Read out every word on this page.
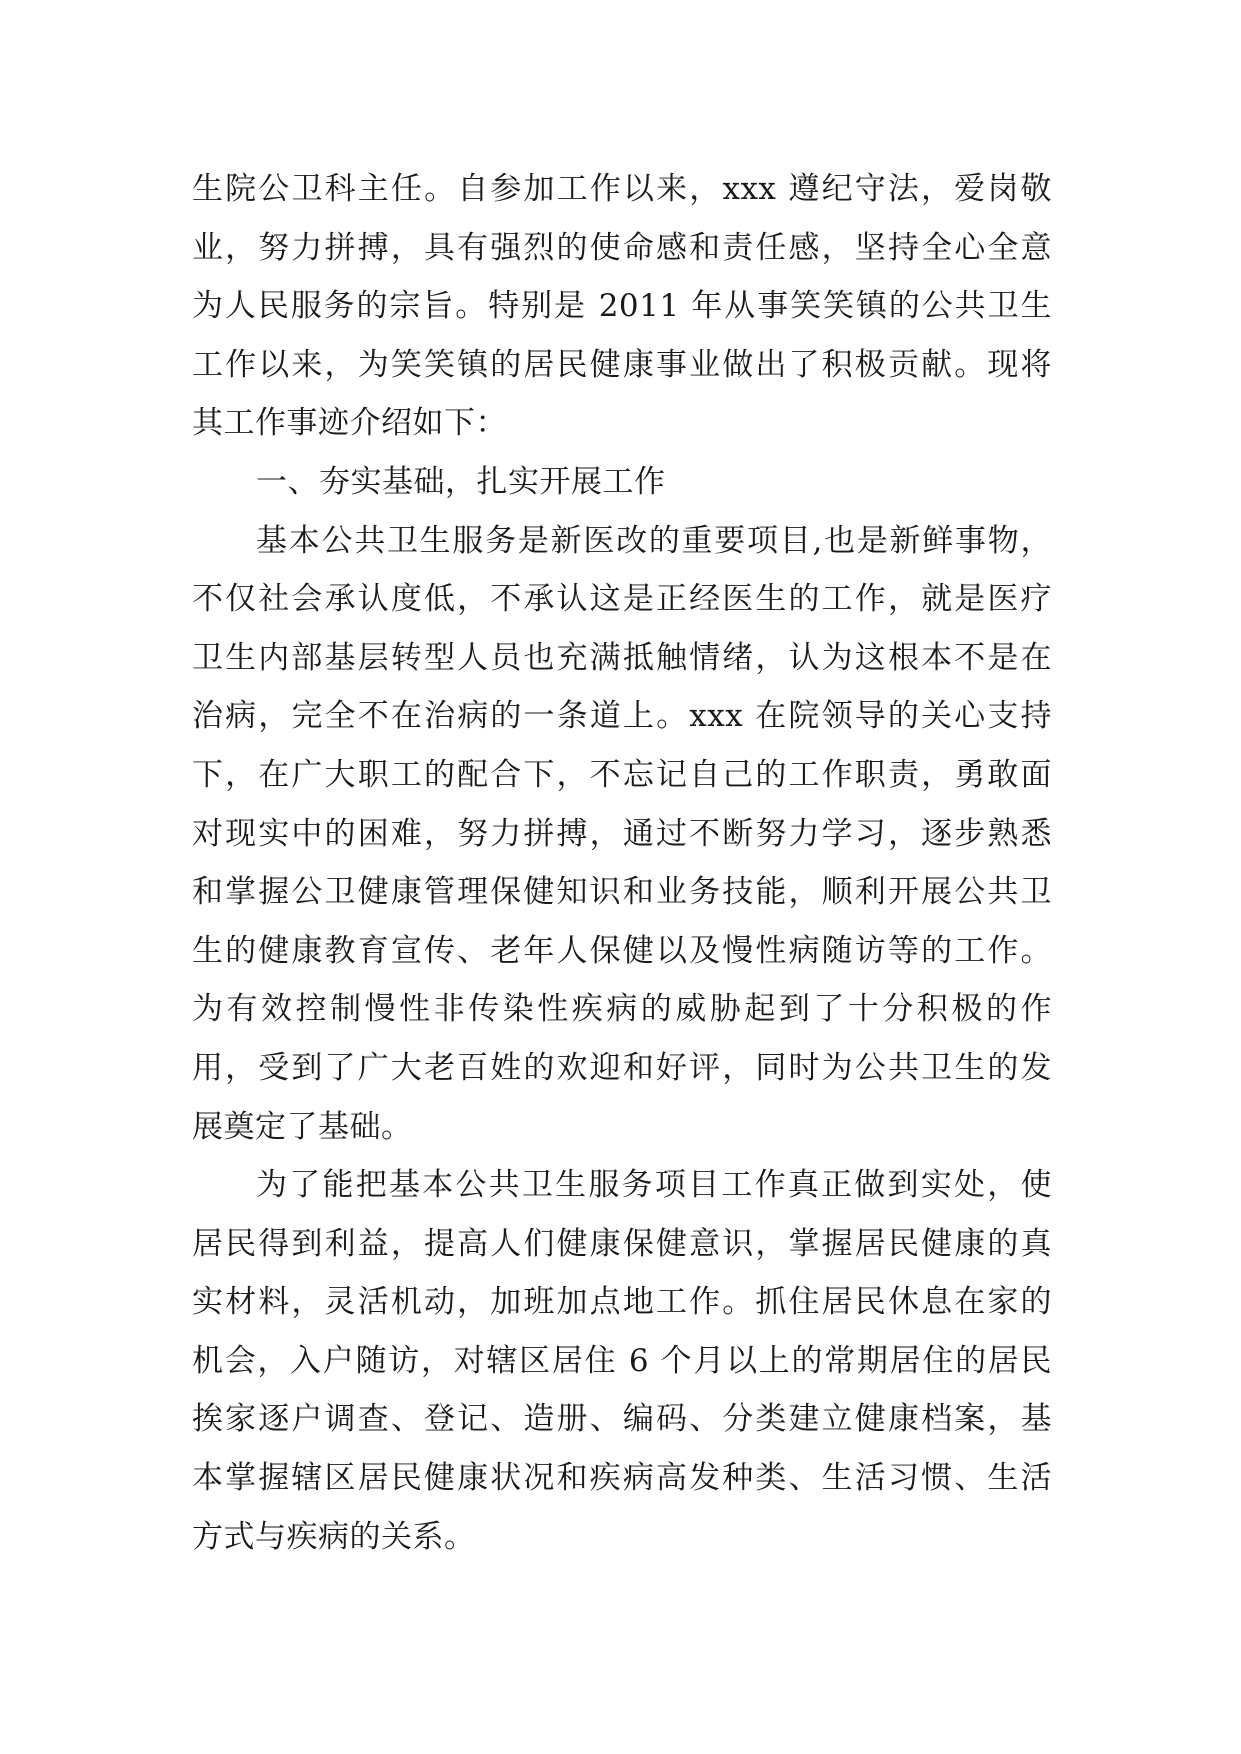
生院公卫科主任。自参加工作以来，xxx 遵纪守法，爱岗敬
业，努力拼搏，具有强烈的使命感和责任感，坚持全心全意
为人民服务的宗旨。特别是 2011 年从事笑笑镇的公共卫生
工作以来，为笑笑镇的居民健康事业做出了积极贡献。现将
其工作事迹介绍如下：
一、夯实基础，扎实开展工作
基本公共卫生服务是新医改的重要项目,也是新鲜事物，
不仅社会承认度低，不承认这是正经医生的工作，就是医疗
卫生内部基层转型人员也充满抵触情绪，认为这根本不是在
治病，完全不在治病的一条道上。xxx 在院领导的关心支持
下，在广大职工的配合下，不忘记自己的工作职责，勇敢面
对现实中的困难，努力拼搏，通过不断努力学习，逐步熟悉
和掌握公卫健康管理保健知识和业务技能，顺利开展公共卫
生的健康教育宣传、老年人保健以及慢性病随访等的工作。
为有效控制慢性非传染性疾病的威胁起到了十分积极的作
用，受到了广大老百姓的欢迎和好评，同时为公共卫生的发
展奠定了基础。
为了能把基本公共卫生服务项目工作真正做到实处，使
居民得到利益，提高人们健康保健意识，掌握居民健康的真
实材料，灵活机动，加班加点地工作。抓住居民休息在家的
机会，入户随访，对辖区居住 6 个月以上的常期居住的居民
挨家逐户调查、登记、造册、编码、分类建立健康档案，基
本掌握辖区居民健康状况和疾病高发种类、生活习惯、生活
方式与疾病的关系。
